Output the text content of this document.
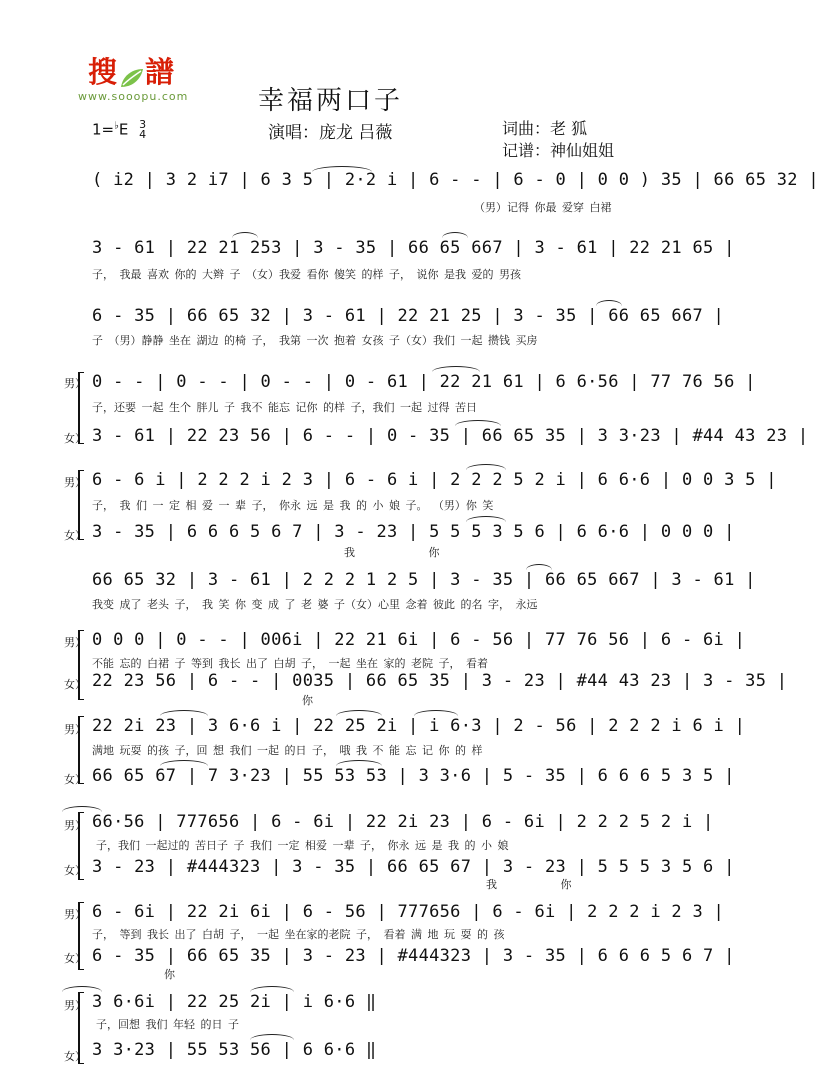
搜 譜
www.sooopu.com	幸福两口子
1=♭E 3
4	演唱：庞龙 吕薇	词曲：老 狐
记谱：神仙姐姐
( i2 | 3 2 i7 | 6 3 5 | 2·2 i | 6 - - | 6 - 0 | 0 0 ) 35 | 66 65 32 |
（男）记得 你最 爱穿 白裙
3 - 61 | 22 21 253 | 3 - 35 | 66 65 667 | 3 - 61 | 22 21 65 |
子， 我最 喜欢 你的 大辫 子 （女）我爱 看你 傻笑 的样 子， 说你 是我 爱的 男孩
6 - 35 | 66 65 32 | 3 - 61 | 22 21 25 | 3 - 35 | 66 65 667 |
子 （男）静静 坐在 湖边 的椅 子， 我第 一次 抱着 女孩 子（女）我们 一起 攒钱 买房
男） 0 - - | 0 - - | 0 - - | 0 - 61 | 22 21 61 | 6 6·56 | 77 76 56 |
子，还要 一起 生个 胖儿 子 我不 能忘 记你 的样 子，我们 一起 过得 苦日
女） 3 - 61 | 22 23 56 | 6 - - | 0 - 35 | 66 65 35 | 3 3·23 | #44 43 23 |
男） 6 - 6 i | 2 2 2 i 2 3 | 6 - 6 i | 2 2 2 5 2 i | 6 6·6 | 0 0 3 5 |
子， 我 们 一 定 相 爱 一 辈 子， 你永 远 是 我 的 小 娘 子。 （男）你 笑
女） 3 - 35 | 6 6 6 5 6 7 | 3 - 23 | 5 5 5 3 5 6 | 6 6·6 | 0 0 0 |
我 你
66 65 32 | 3 - 61 | 2 2 2 1 2 5 | 3 - 35 | 66 65 667 | 3 - 61 |
我变 成了 老头 子， 我 笑 你 变 成 了 老 婆 子（女）心里 念着 彼此 的名 字， 永远
男） 0 0 0 | 0 - - | 006i | 22 21 6i | 6 - 56 | 77 76 56 | 6 - 6i |
不能 忘的 白裙 子 等到 我长 出了 白胡 子， 一起 坐在 家的 老院 子， 看着
女） 22 23 56 | 6 - - | 0035 | 66 65 35 | 3 - 23 | #44 43 23 | 3 - 35 |
你
男） 22 2i 23 | 3 6·6 i | 22 25 2i | i 6·3 | 2 - 56 | 2 2 2 i 6 i |
满地 玩耍 的孩 子，回 想 我们 一起 的日 子， 哦 我 不 能 忘 记 你 的 样
女） 66 65 67 | 7 3·23 | 55 53 53 | 3 3·6 | 5 - 35 | 6 6 6 5 3 5 |
男） 66·56 | 777656 | 6 - 6i | 22 2i 23 | 6 - 6i | 2 2 2 5 2 i |
子，我们 一起过的 苦日子 子 我们 一定 相爱 一辈 子， 你永 远 是 我 的 小 娘
女） 3 - 23 | #444323 | 3 - 35 | 66 65 67 | 3 - 23 | 5 5 5 3 5 6 |
我 你
男） 6 - 6i | 22 2i 6i | 6 - 56 | 777656 | 6 - 6i | 2 2 2 i 2 3 |
子， 等到 我长 出了 白胡 子， 一起 坐在家的老院 子， 看着 满 地 玩 耍 的 孩
女） 6 - 35 | 66 65 35 | 3 - 23 | #444323 | 3 - 35 | 6 6 6 5 6 7 |
你
男） 3 6·6i | 22 25 2i | i 6·6 ‖
子，回想 我们 年轻 的日 子
女） 3 3·23 | 55 53 56 | 6 6·6 ‖
